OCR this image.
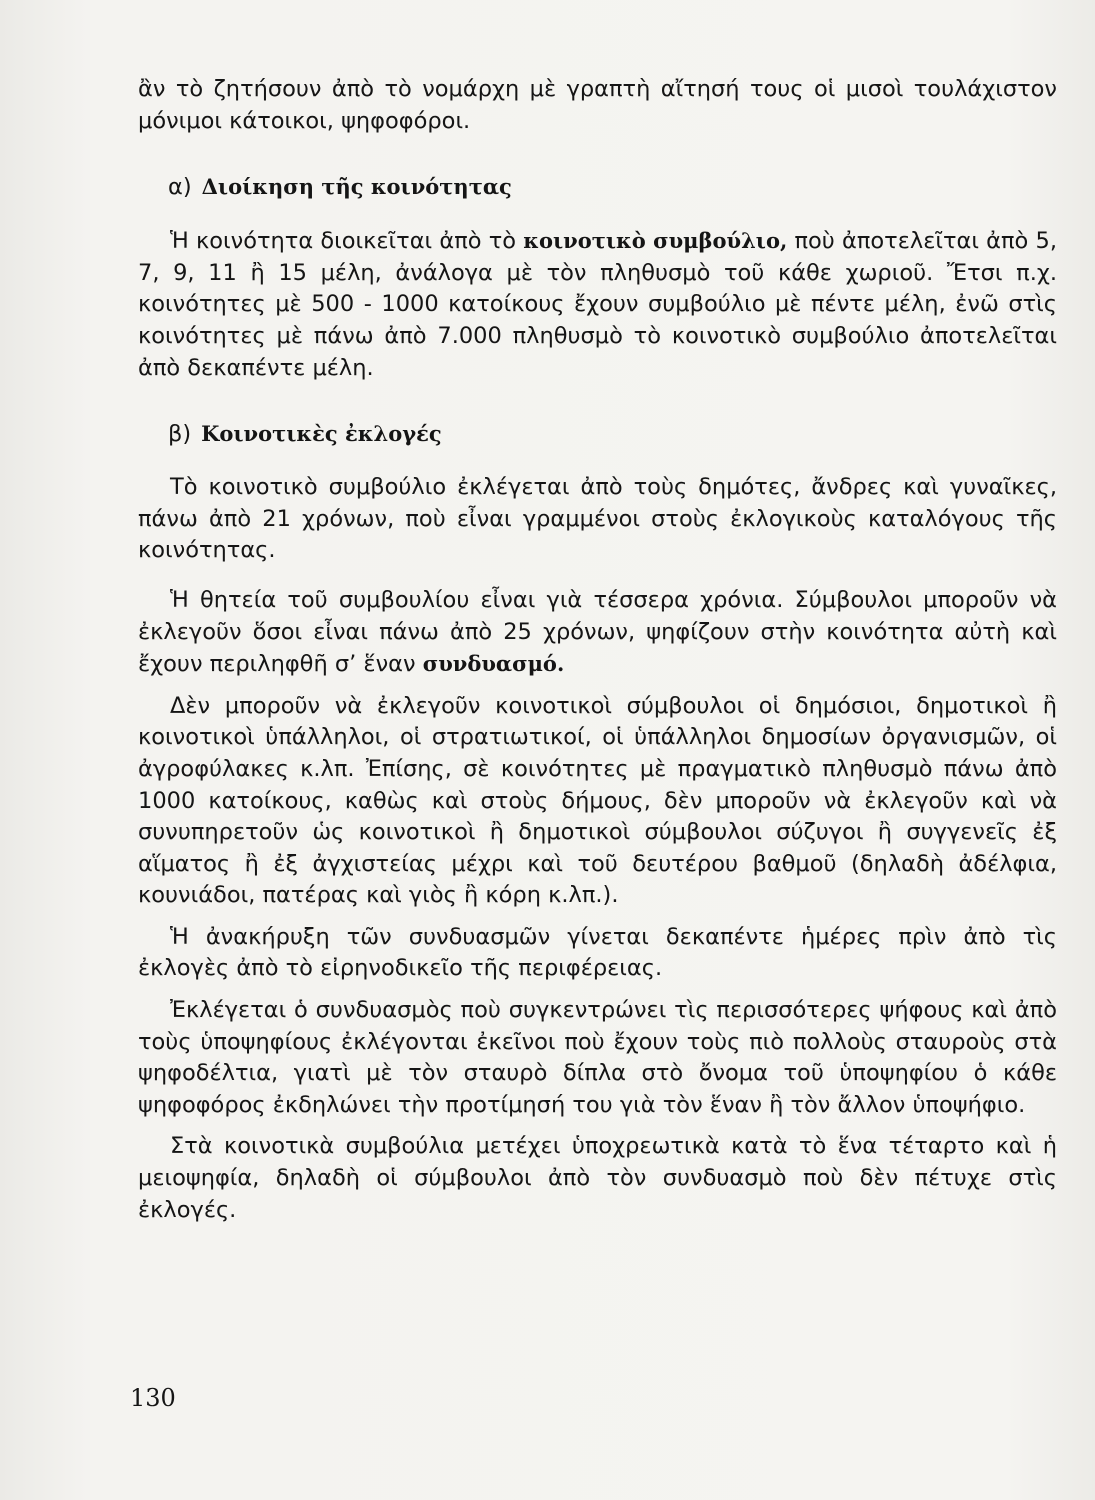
ἂν τὸ ζητήσουν ἀπὸ τὸ νομάρχη μὲ γραπτὴ αἴτησή τους οἱ μισοὶ τουλάχιστον μόνιμοι κάτοικοι, ψηφοφόροι.

α) Διοίκηση τῆς κοινότητας

Ἡ κοινότητα διοικεῖται ἀπὸ τὸ κοινοτικὸ συμβούλιο, ποὺ ἀποτελεῖται ἀπὸ 5, 7, 9, 11 ἢ 15 μέλη, ἀνάλογα μὲ τὸν πληθυσμὸ τοῦ κάθε χωριοῦ. Ἔτσι π.χ. κοινότητες μὲ 500 - 1000 κατοίκους ἔχουν συμβούλιο μὲ πέντε μέλη, ἐνῶ στὶς κοινότητες μὲ πάνω ἀπὸ 7.000 πληθυσμὸ τὸ κοινοτικὸ συμβούλιο ἀποτελεῖται ἀπὸ δεκαπέντε μέλη.

β) Κοινοτικὲς ἐκλογές

Τὸ κοινοτικὸ συμβούλιο ἐκλέγεται ἀπὸ τοὺς δημότες, ἄνδρες καὶ γυναῖκες, πάνω ἀπὸ 21 χρόνων, ποὺ εἶναι γραμμένοι στοὺς ἐκλογικοὺς καταλόγους τῆς κοινότητας.

Ἡ θητεία τοῦ συμβουλίου εἶναι γιὰ τέσσερα χρόνια. Σύμβουλοι μποροῦν νὰ ἐκλεγοῦν ὅσοι εἶναι πάνω ἀπὸ 25 χρόνων, ψηφίζουν στὴν κοινότητα αὐτὴ καὶ ἔχουν περιληφθῆ σ’ ἕναν συνδυασμό.

Δὲν μποροῦν νὰ ἐκλεγοῦν κοινοτικοὶ σύμβουλοι οἱ δημόσιοι, δημοτικοὶ ἢ κοινοτικοὶ ὑπάλληλοι, οἱ στρατιωτικοί, οἱ ὑπάλληλοι δημοσίων ὀργανισμῶν, οἱ ἀγροφύλακες κ.λπ. Ἐπίσης, σὲ κοινότητες μὲ πραγματικὸ πληθυσμὸ πάνω ἀπὸ 1000 κατοίκους, καθὼς καὶ στοὺς δήμους, δὲν μποροῦν νὰ ἐκλεγοῦν καὶ νὰ συνυπηρετοῦν ὡς κοινοτικοὶ ἢ δημοτικοὶ σύμβουλοι σύζυγοι ἢ συγγενεῖς ἐξ αἵματος ἢ ἐξ ἀγχιστείας μέχρι καὶ τοῦ δευτέρου βαθμοῦ (δηλαδὴ ἀδέλφια, κουνιάδοι, πατέρας καὶ γιὸς ἢ κόρη κ.λπ.).

Ἡ ἀνακήρυξη τῶν συνδυασμῶν γίνεται δεκαπέντε ἡμέρες πρὶν ἀπὸ τὶς ἐκλογὲς ἀπὸ τὸ εἰρηνοδικεῖο τῆς περιφέρειας.

Ἐκλέγεται ὁ συνδυασμὸς ποὺ συγκεντρώνει τὶς περισσότερες ψήφους καὶ ἀπὸ τοὺς ὑποψηφίους ἐκλέγονται ἐκεῖνοι ποὺ ἔχουν τοὺς πιὸ πολλοὺς σταυροὺς στὰ ψηφοδέλτια, γιατὶ μὲ τὸν σταυρὸ δίπλα στὸ ὄνομα τοῦ ὑποψηφίου ὁ κάθε ψηφοφόρος ἐκδηλώνει τὴν προτίμησή του γιὰ τὸν ἕναν ἢ τὸν ἄλλον ὑποψήφιο.

Στὰ κοινοτικὰ συμβούλια μετέχει ὑποχρεωτικὰ κατὰ τὸ ἕνα τέταρτο καὶ ἡ μειοψηφία, δηλαδὴ οἱ σύμβουλοι ἀπὸ τὸν συνδυασμὸ ποὺ δὲν πέτυχε στὶς ἐκλογές.

130
